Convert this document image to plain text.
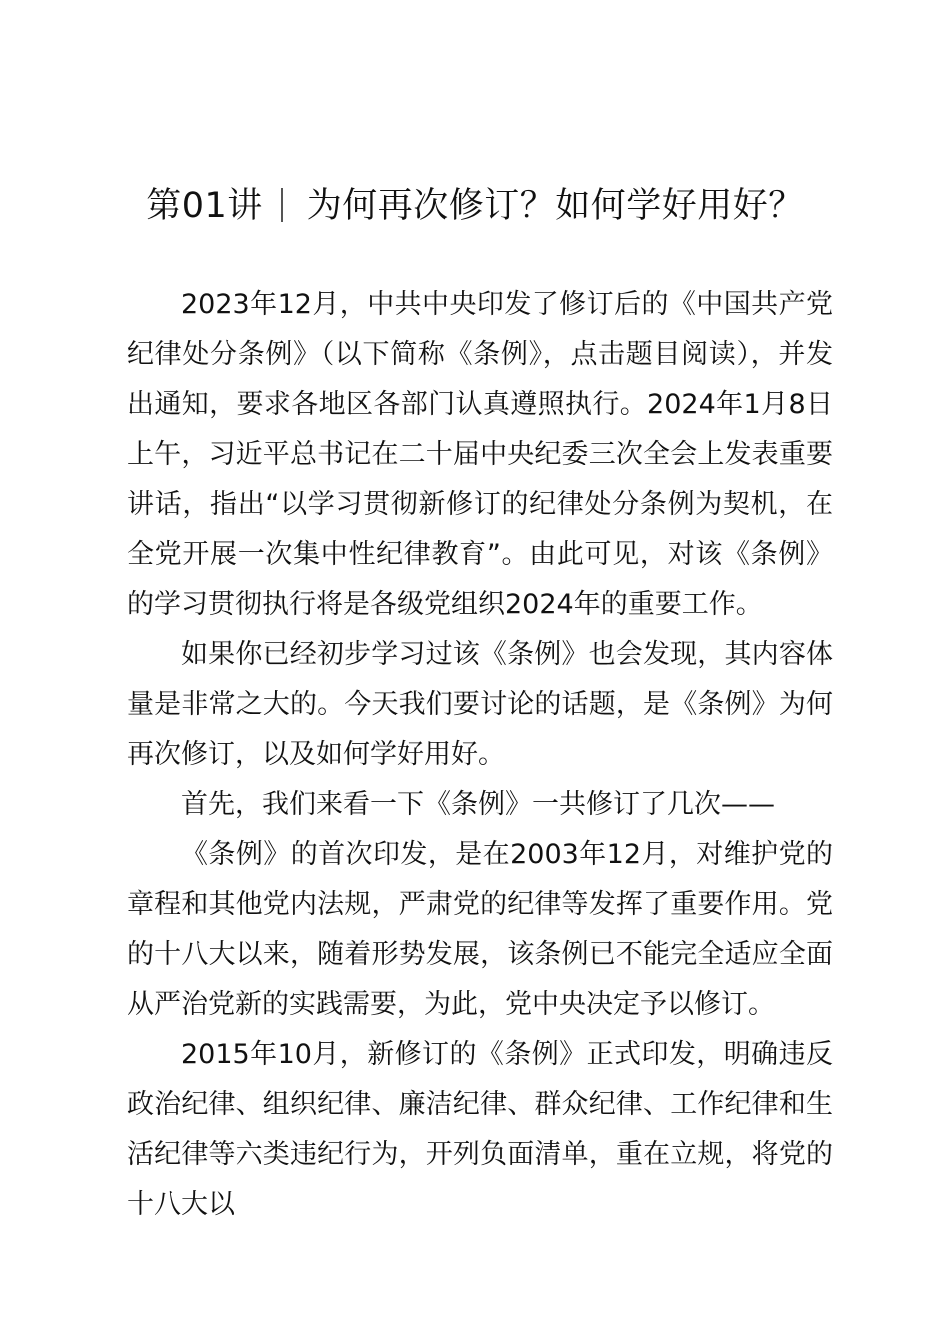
第01讲 为何再次修订？如何学好用好？

2023年12月，中共中央印发了修订后的《中国共产党纪律处分条例》（以下简称《条例》，点击题目阅读），并发出通知，要求各地区各部门认真遵照执行。2024年1月8日上午，习近平总书记在二十届中央纪委三次全会上发表重要讲话，指出“以学习贯彻新修订的纪律处分条例为契机，在全党开展一次集中性纪律教育”。由此可见，对该《条例》的学习贯彻执行将是各级党组织2024年的重要工作。

如果你已经初步学习过该《条例》也会发现，其内容体量是非常之大的。今天我们要讨论的话题，是《条例》为何再次修订，以及如何学好用好。

首先，我们来看一下《条例》一共修订了几次——

《条例》的首次印发，是在2003年12月，对维护党的章程和其他党内法规，严肃党的纪律等发挥了重要作用。党的十八大以来，随着形势发展，该条例已不能完全适应全面从严治党新的实践需要，为此，党中央决定予以修订。

2015年10月，新修订的《条例》正式印发，明确违反政治纪律、组织纪律、廉洁纪律、群众纪律、工作纪律和生活纪律等六类违纪行为，开列负面清单，重在立规，将党的十八大以
